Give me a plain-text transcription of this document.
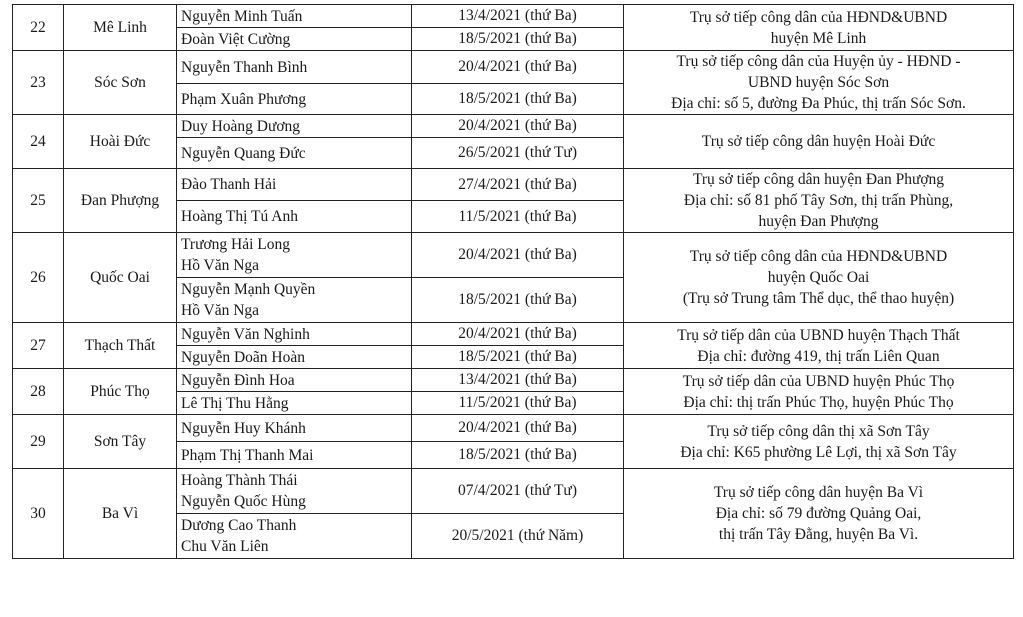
22	Mê Linh	Nguyễn Minh Tuấn	13/4/2021 (thứ Ba)	Trụ sở tiếp công dân của HĐND&UBND
huyện Mê Linh

		Đoàn Việt Cường	18/5/2021 (thứ Ba)	
23	Sóc Sơn	Nguyễn Thanh Bình	20/4/2021 (thứ Ba)	Trụ sở tiếp công dân của Huyện ủy - HĐND -
UBND huyện Sóc Sơn
Địa chỉ: số 5, đường Đa Phúc, thị trấn Sóc Sơn.

		Phạm Xuân Phương	18/5/2021 (thứ Ba)	
24	Hoài Đức	Duy Hoàng Dương	20/4/2021 (thứ Ba)	Trụ sở tiếp công dân huyện Hoài Đức

		Nguyễn Quang Đức	26/5/2021 (thứ Tư)	
25	Đan Phượng	Đào Thanh Hải	27/4/2021 (thứ Ba)	Trụ sở tiếp công dân huyện Đan Phượng
Địa chỉ: số 81 phố Tây Sơn, thị trấn Phùng,
huyện Đan Phượng

		Hoàng Thị Tú Anh	11/5/2021 (thứ Ba)	
26	Quốc Oai	Trương Hải Long
Hồ Văn Nga	20/4/2021 (thứ Ba)	Trụ sở tiếp công dân của HĐND&UBND
huyện Quốc Oai
(Trụ sở Trung tâm Thể dục, thể thao huyện)

		Nguyễn Mạnh Quyền
Hồ Văn Nga	18/5/2021 (thứ Ba)	
27	Thạch Thất	Nguyễn Văn Nghinh	20/4/2021 (thứ Ba)	Trụ sở tiếp dân của UBND huyện Thạch Thất
Địa chỉ: đường 419, thị trấn Liên Quan

		Nguyễn Doãn Hoàn	18/5/2021 (thứ Ba)	
28	Phúc Thọ	Nguyễn Đình Hoa	13/4/2021 (thứ Ba)	Trụ sở tiếp dân của UBND huyện Phúc Thọ
Địa chỉ: thị trấn Phúc Thọ, huyện Phúc Thọ

		Lê Thị Thu Hằng	11/5/2021 (thứ Ba)	
29	Sơn Tây	Nguyễn Huy Khánh	20/4/2021 (thứ Ba)	Trụ sở tiếp công dân thị xã Sơn Tây
Địa chỉ: K65 phường Lê Lợi, thị xã Sơn Tây

		Phạm Thị Thanh Mai	18/5/2021 (thứ Ba)	
30	Ba Vì	Hoàng Thành Thái
Nguyễn Quốc Hùng	07/4/2021 (thứ Tư)	Trụ sở tiếp công dân huyện Ba Vì
Địa chỉ: số 79 đường Quảng Oai,
thị trấn Tây Đằng, huyện Ba Vì.

		Dương Cao Thanh
Chu Văn Liên	20/5/2021 (thứ Năm)	
